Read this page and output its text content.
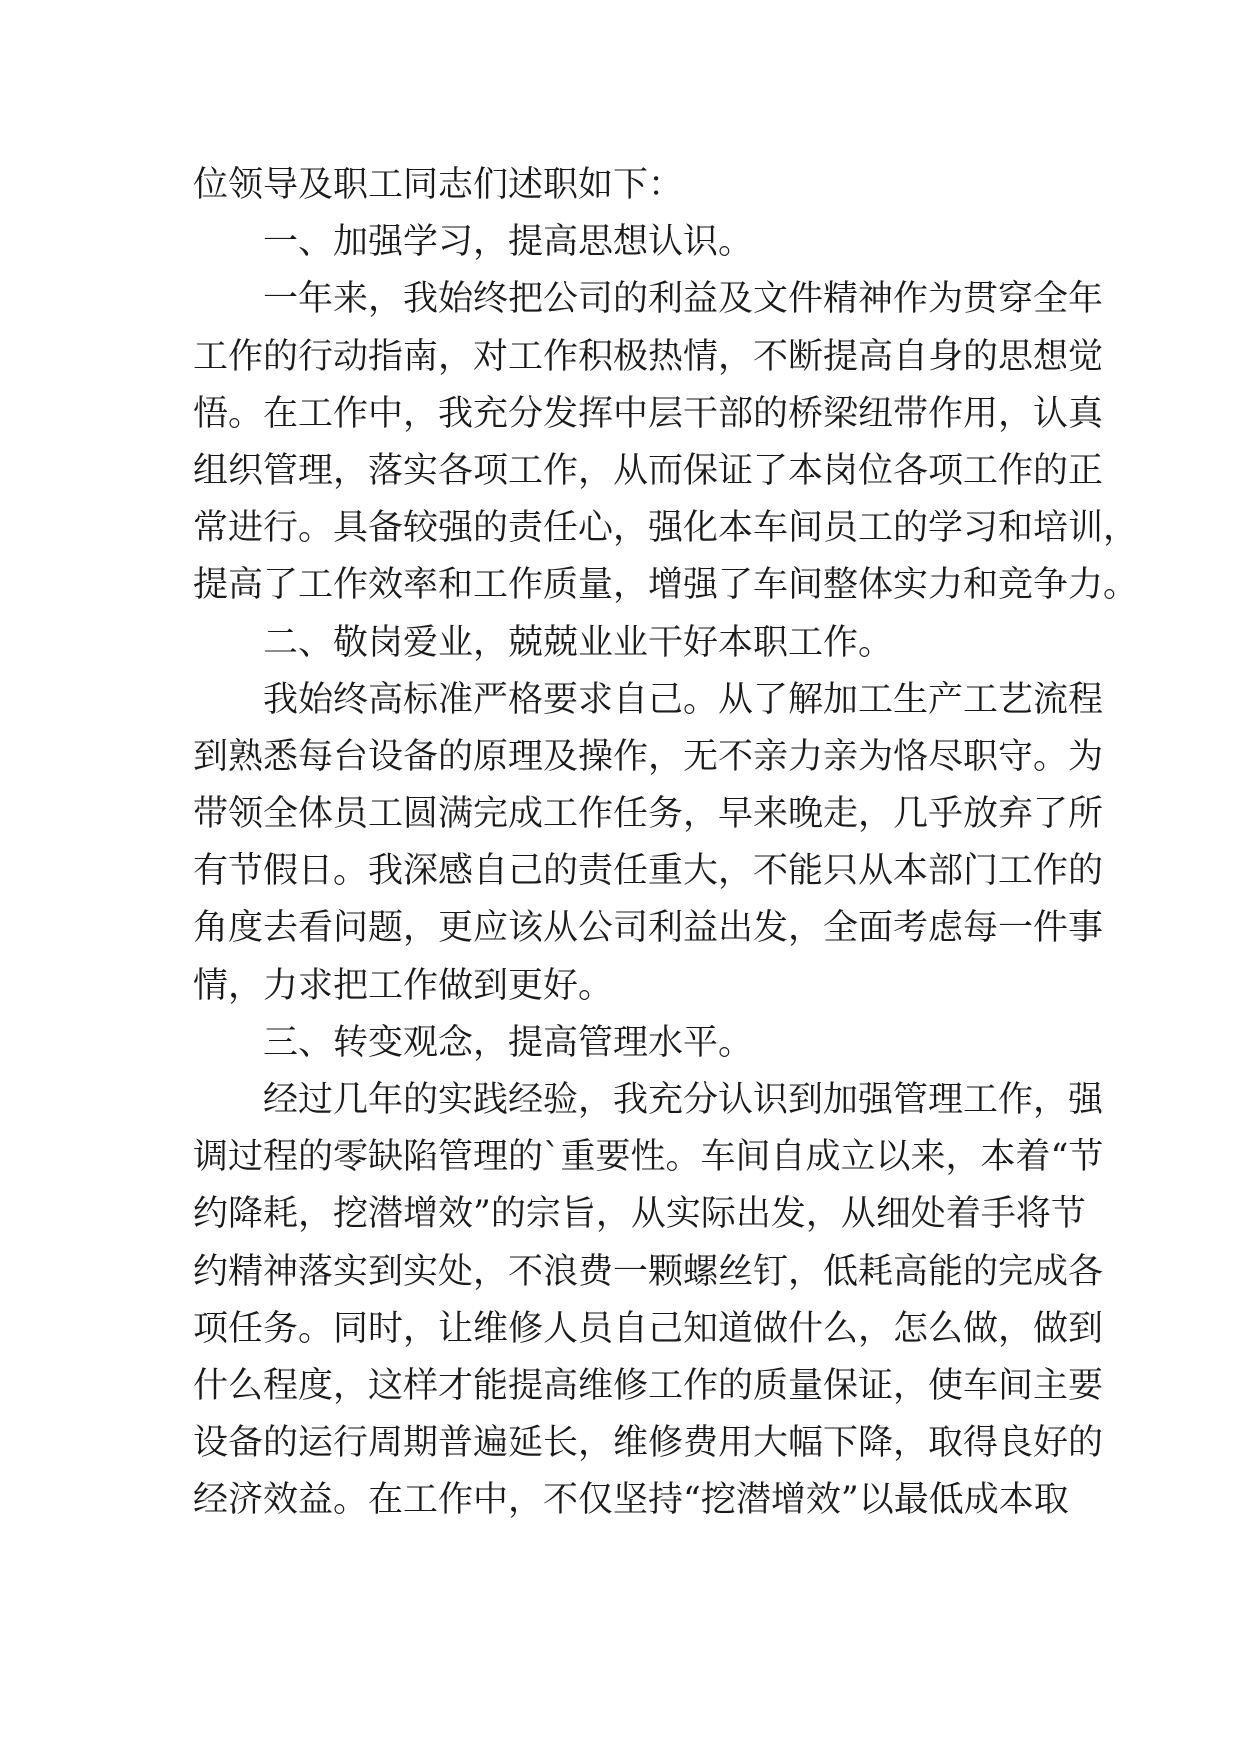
位领导及职工同志们述职如下：
一、加强学习，提高思想认识。
一年来，我始终把公司的利益及文件精神作为贯穿全年
工作的行动指南，对工作积极热情，不断提高自身的思想觉
悟。在工作中，我充分发挥中层干部的桥梁纽带作用，认真
组织管理，落实各项工作，从而保证了本岗位各项工作的正
常进行。具备较强的责任心，强化本车间员工的学习和培训，
提高了工作效率和工作质量，增强了车间整体实力和竞争力。
二、敬岗爱业，兢兢业业干好本职工作。
我始终高标准严格要求自己。从了解加工生产工艺流程
到熟悉每台设备的原理及操作，无不亲力亲为恪尽职守。为
带领全体员工圆满完成工作任务，早来晚走，几乎放弃了所
有节假日。我深感自己的责任重大，不能只从本部门工作的
角度去看问题，更应该从公司利益出发，全面考虑每一件事
情，力求把工作做到更好。
三、转变观念，提高管理水平。
经过几年的实践经验，我充分认识到加强管理工作，强
调过程的零缺陷管理的`重要性。车间自成立以来，本着“节
约降耗，挖潜增效”的宗旨，从实际出发，从细处着手将节
约精神落实到实处，不浪费一颗螺丝钉，低耗高能的完成各
项任务。同时，让维修人员自己知道做什么，怎么做，做到
什么程度，这样才能提高维修工作的质量保证，使车间主要
设备的运行周期普遍延长，维修费用大幅下降，取得良好的
经济效益。在工作中，不仅坚持“挖潜增效”以最低成本取
